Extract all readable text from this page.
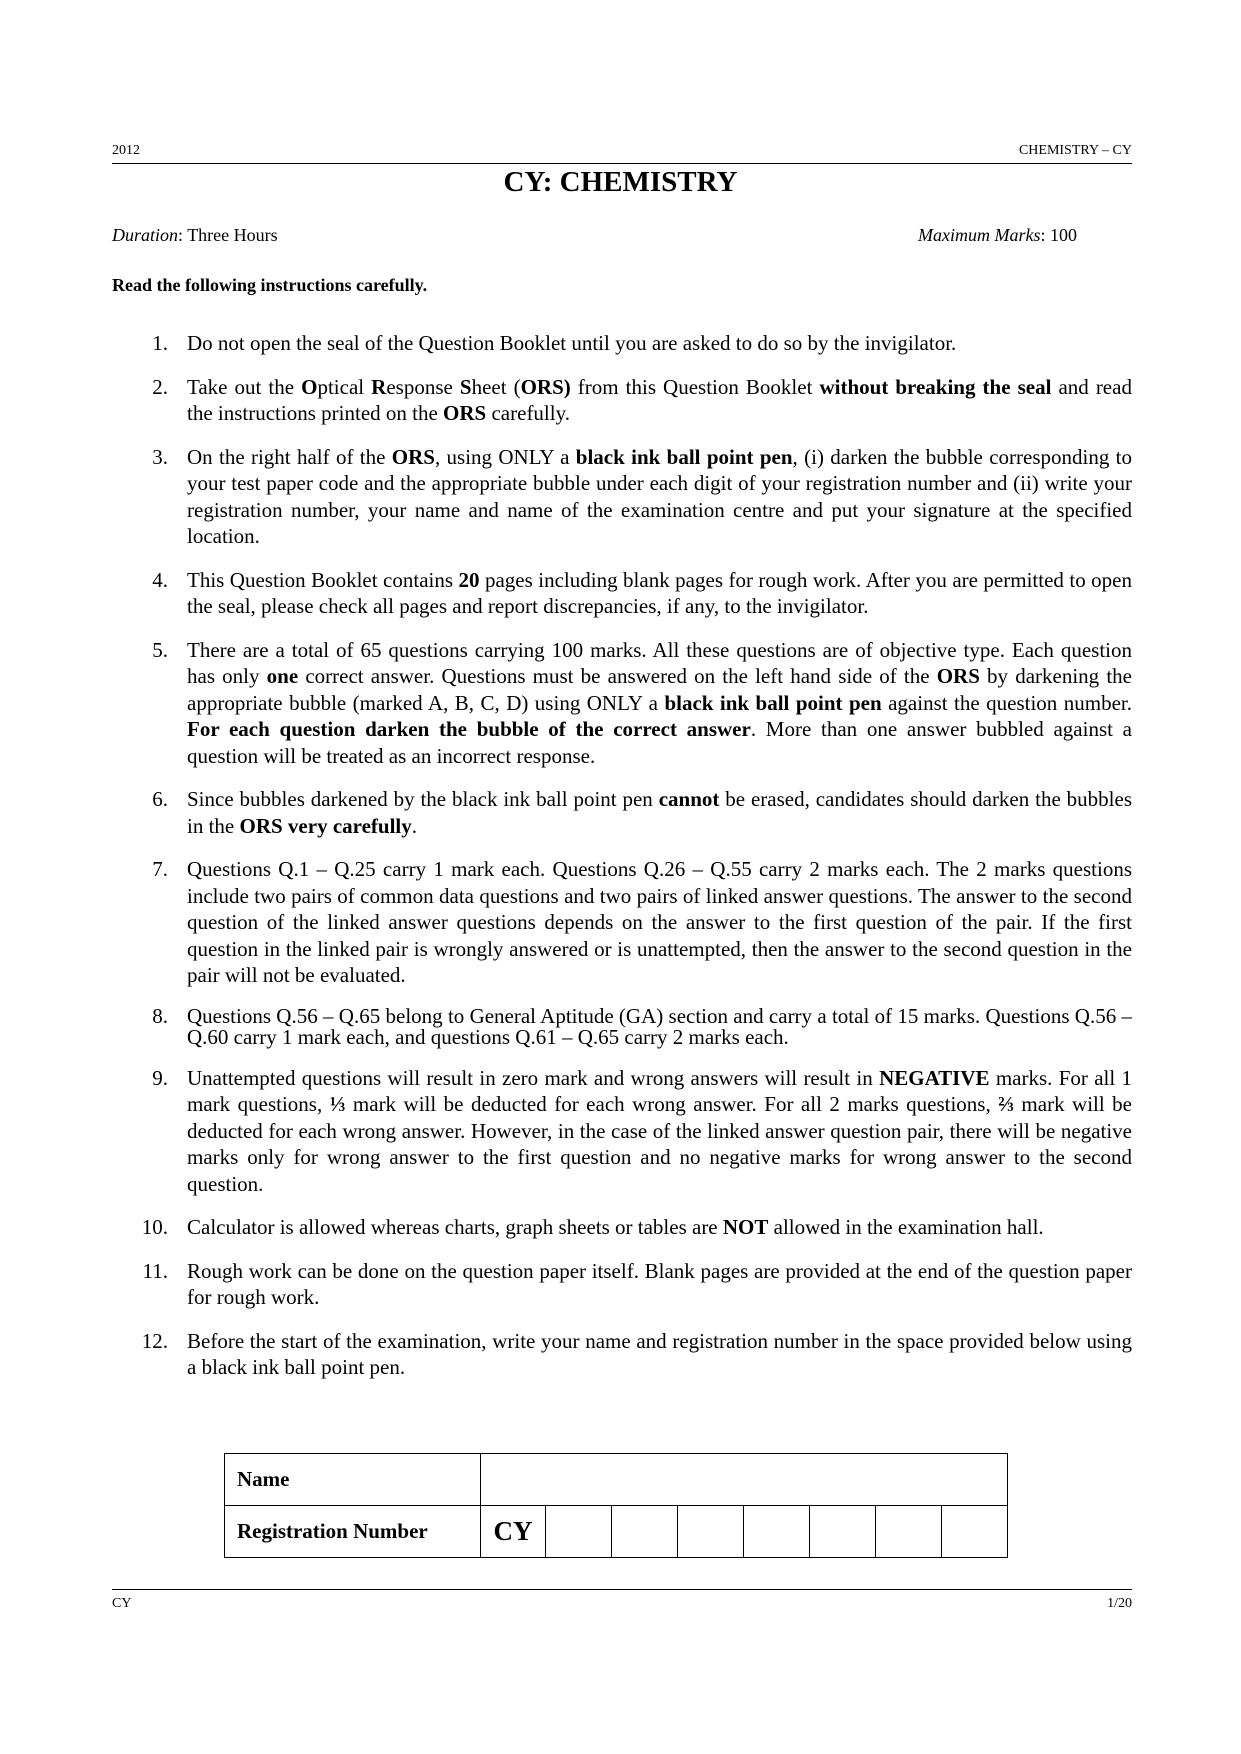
2012	CHEMISTRY – CY
CY: CHEMISTRY
Duration: Three Hours	Maximum Marks: 100
Read the following instructions carefully.
1. Do not open the seal of the Question Booklet until you are asked to do so by the invigilator.
2. Take out the Optical Response Sheet (ORS) from this Question Booklet without breaking the seal and read the instructions printed on the ORS carefully.
3. On the right half of the ORS, using ONLY a black ink ball point pen, (i) darken the bubble corresponding to your test paper code and the appropriate bubble under each digit of your registration number and (ii) write your registration number, your name and name of the examination centre and put your signature at the specified location.
4. This Question Booklet contains 20 pages including blank pages for rough work. After you are permitted to open the seal, please check all pages and report discrepancies, if any, to the invigilator.
5. There are a total of 65 questions carrying 100 marks. All these questions are of objective type. Each question has only one correct answer. Questions must be answered on the left hand side of the ORS by darkening the appropriate bubble (marked A, B, C, D) using ONLY a black ink ball point pen against the question number. For each question darken the bubble of the correct answer. More than one answer bubbled against a question will be treated as an incorrect response.
6. Since bubbles darkened by the black ink ball point pen cannot be erased, candidates should darken the bubbles in the ORS very carefully.
7. Questions Q.1 – Q.25 carry 1 mark each. Questions Q.26 – Q.55 carry 2 marks each. The 2 marks questions include two pairs of common data questions and two pairs of linked answer questions. The answer to the second question of the linked answer questions depends on the answer to the first question of the pair. If the first question in the linked pair is wrongly answered or is unattempted, then the answer to the second question in the pair will not be evaluated.
8. Questions Q.56 – Q.65 belong to General Aptitude (GA) section and carry a total of 15 marks. Questions Q.56 – Q.60 carry 1 mark each, and questions Q.61 – Q.65 carry 2 marks each.
9. Unattempted questions will result in zero mark and wrong answers will result in NEGATIVE marks. For all 1 mark questions, ⅓ mark will be deducted for each wrong answer. For all 2 marks questions, ⅔ mark will be deducted for each wrong answer. However, in the case of the linked answer question pair, there will be negative marks only for wrong answer to the first question and no negative marks for wrong answer to the second question.
10. Calculator is allowed whereas charts, graph sheets or tables are NOT allowed in the examination hall.
11. Rough work can be done on the question paper itself. Blank pages are provided at the end of the question paper for rough work.
12. Before the start of the examination, write your name and registration number in the space provided below using a black ink ball point pen.
Name								
Registration Number	CY							
CY	1/20
